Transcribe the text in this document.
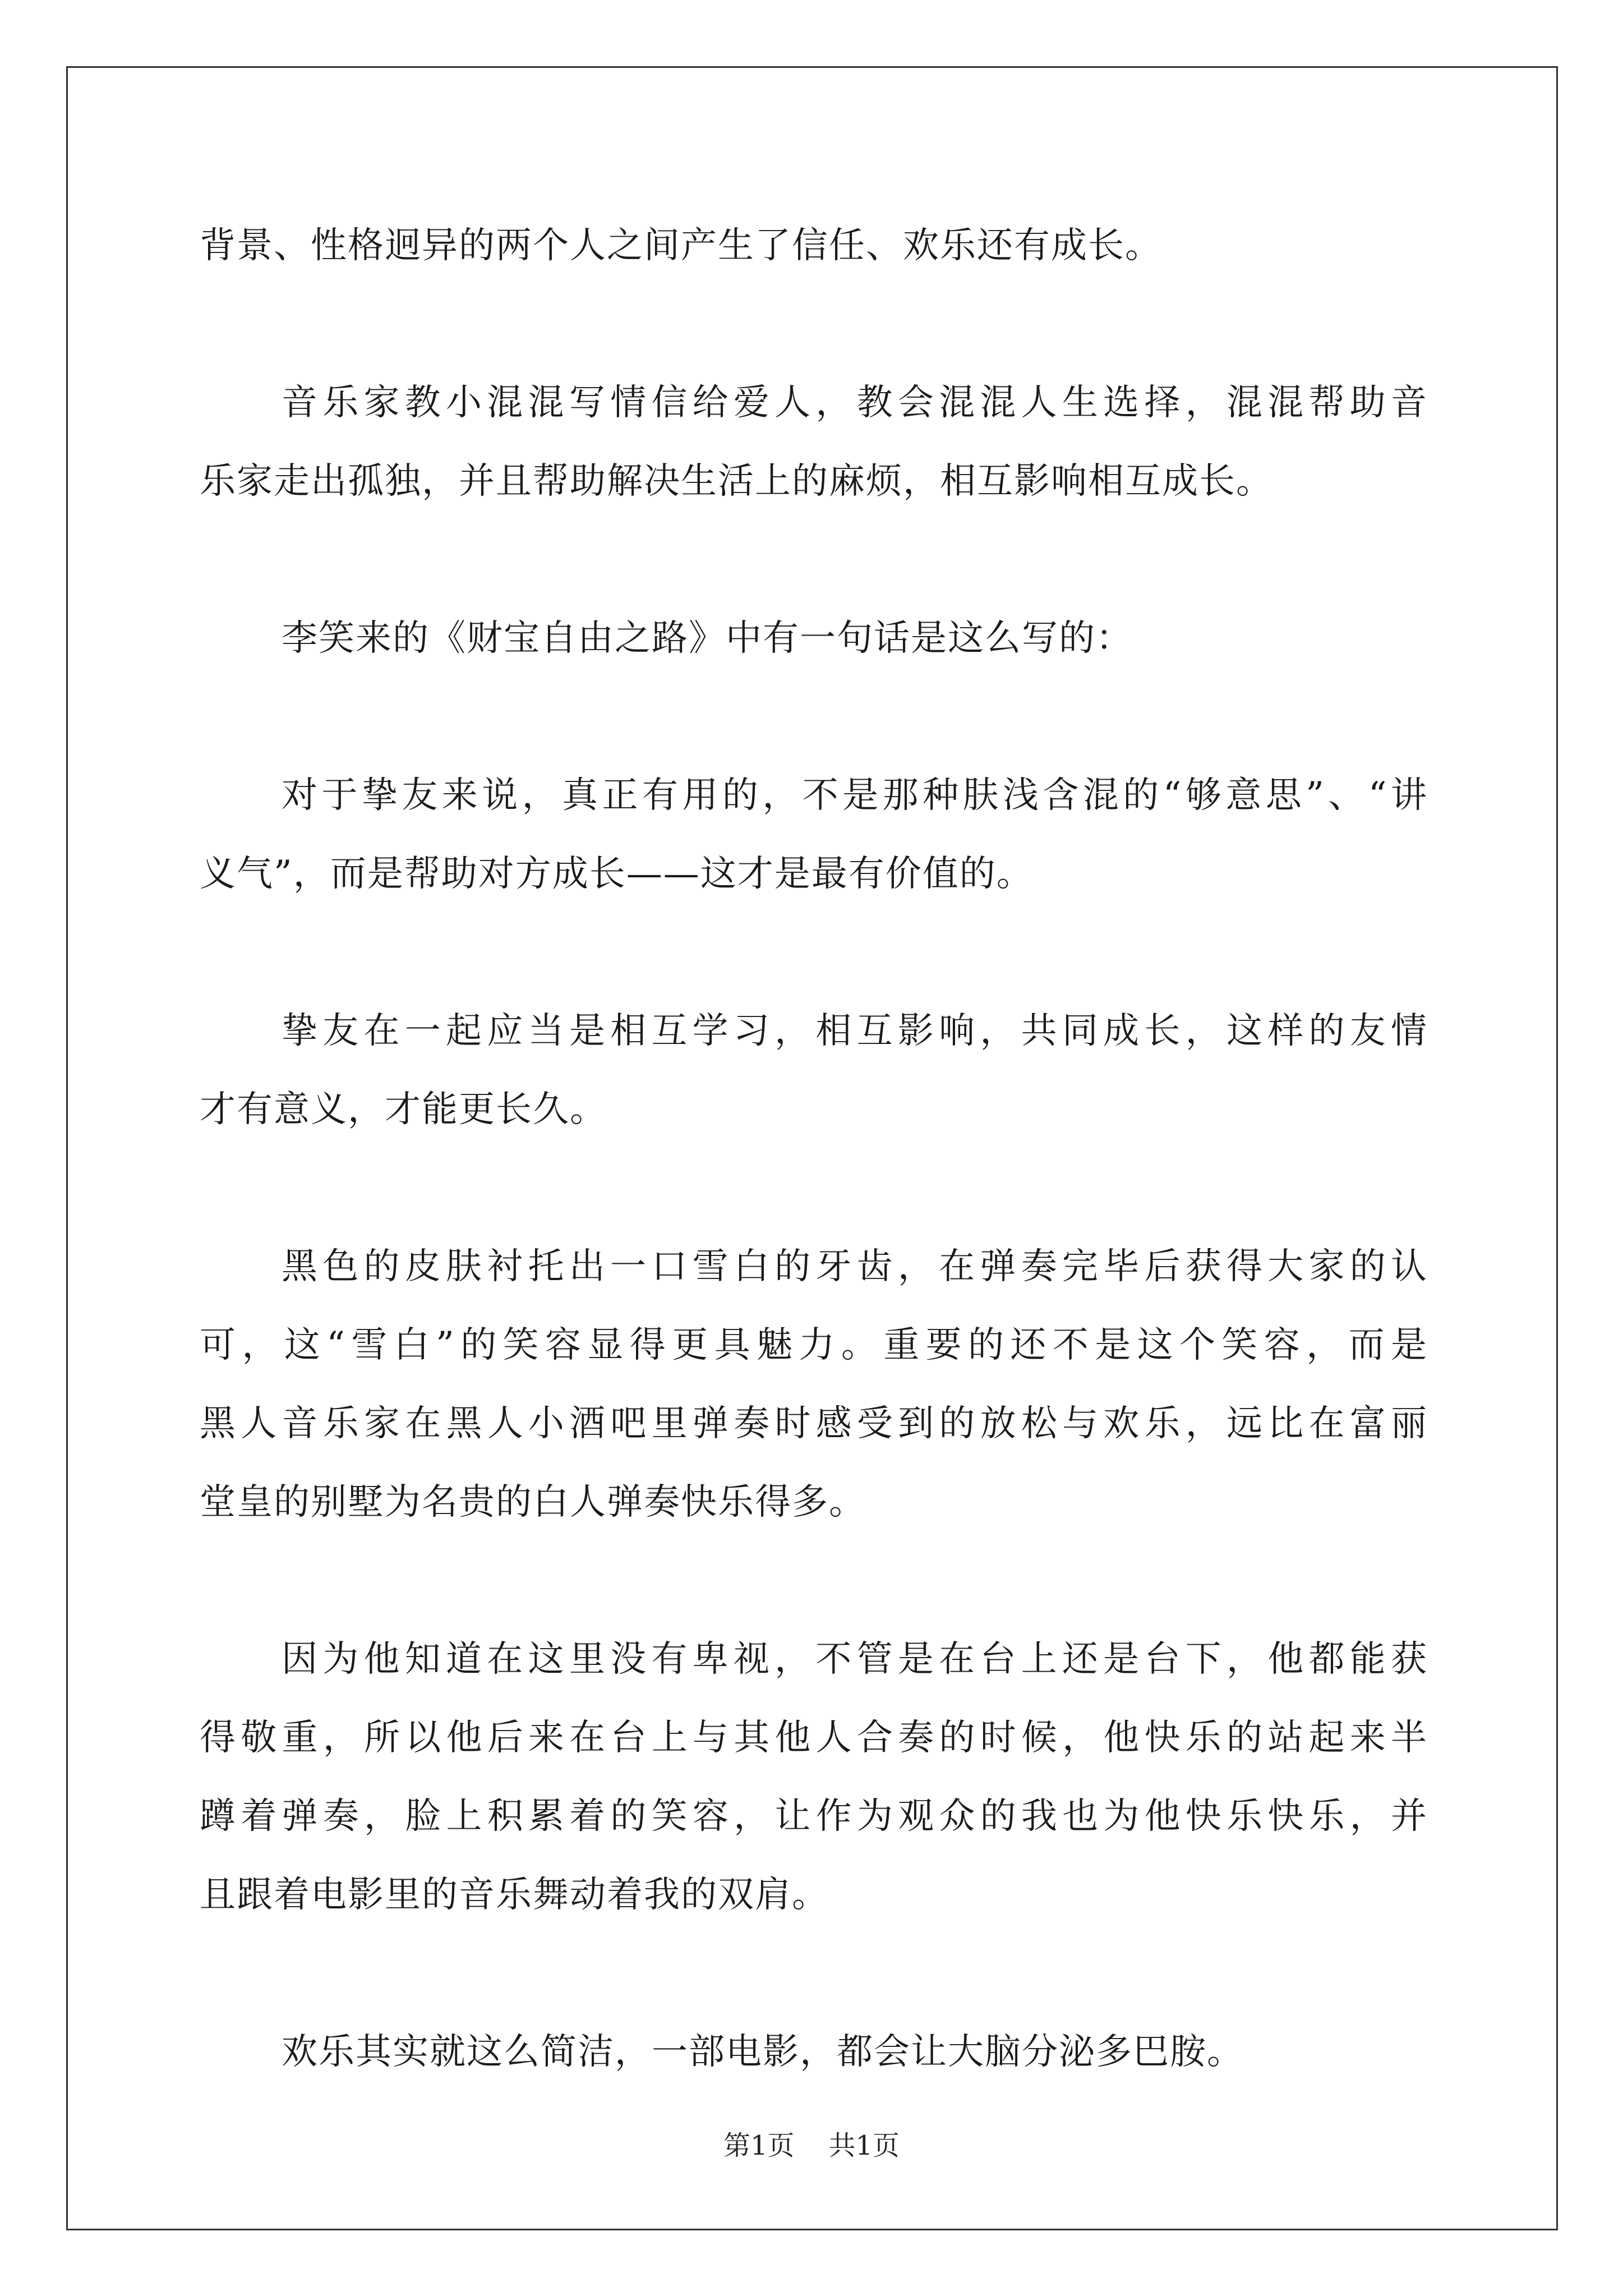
背景、性格迥异的两个人之间产生了信任、欢乐还有成长。
音乐家教小混混写情信给爱人，教会混混人生选择，混混帮助音
乐家走出孤独，并且帮助解决生活上的麻烦，相互影响相互成长。
李笑来的《财宝自由之路》中有一句话是这么写的：
对于挚友来说，真正有用的，不是那种肤浅含混的“够意思”、“讲
义气”，而是帮助对方成长——这才是最有价值的。
挚友在一起应当是相互学习，相互影响，共同成长，这样的友情
才有意义，才能更长久。
黑色的皮肤衬托出一口雪白的牙齿，在弹奏完毕后获得大家的认
可，这“雪白”的笑容显得更具魅力。重要的还不是这个笑容，而是
黑人音乐家在黑人小酒吧里弹奏时感受到的放松与欢乐，远比在富丽
堂皇的别墅为名贵的白人弹奏快乐得多。
因为他知道在这里没有卑视，不管是在台上还是台下，他都能获
得敬重，所以他后来在台上与其他人合奏的时候，他快乐的站起来半
蹲着弹奏，脸上积累着的笑容，让作为观众的我也为他快乐快乐，并
且跟着电影里的音乐舞动着我的双肩。
欢乐其实就这么简洁，一部电影，都会让大脑分泌多巴胺。
第1页 共1页
